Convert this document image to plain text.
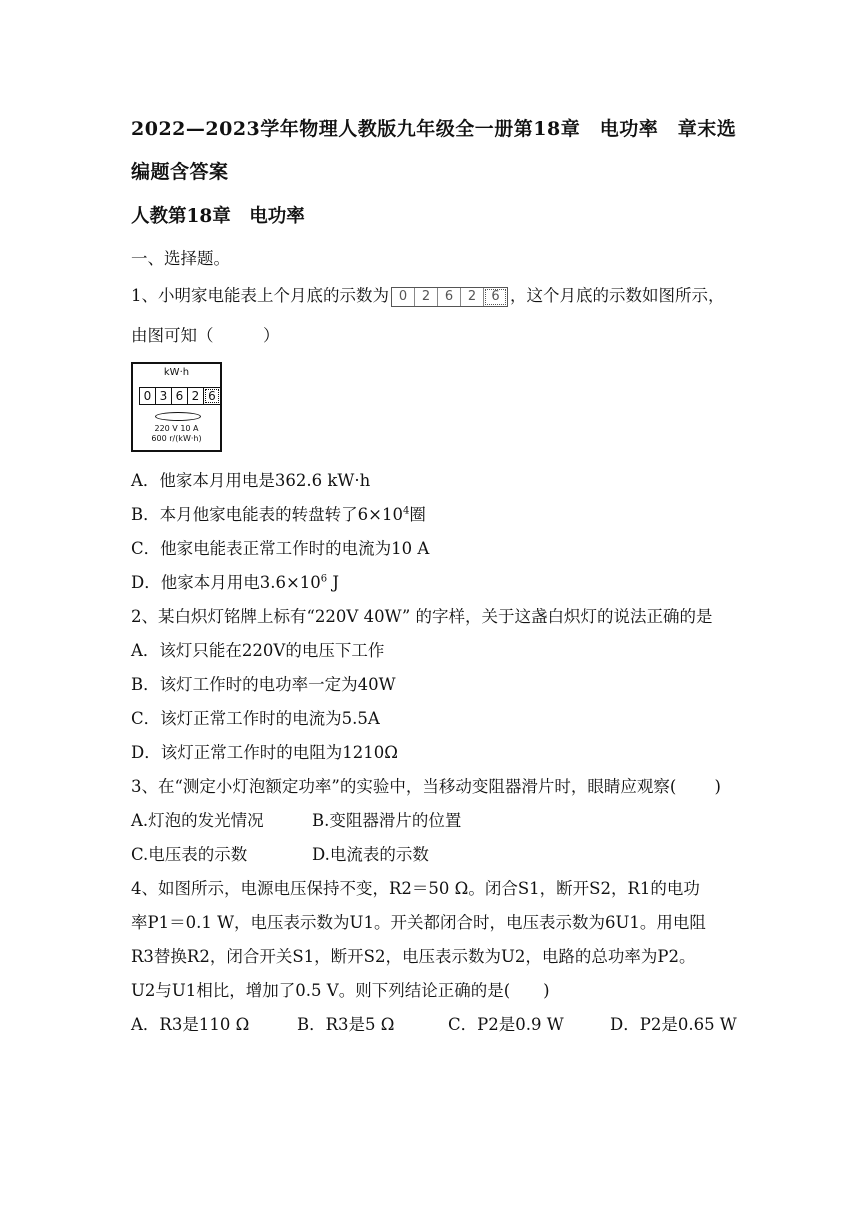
2022—2023学年物理人教版九年级全一册第18章　电功率　章末选
编题含答案
人教第18章　电功率
一、选择题。
1、小明家电能表上个月底的示数为 0	2	6	2	6 ，这个月底的示数如图所示，
由图可知（　　　）
kW·h
0 3 6 2 6
220 V 10 A
600 r/(kW·h)
A．他家本月用电是362.6 kW·h
B．本月他家电能表的转盘转了$6\times 10^4$圈
C．他家电能表正常工作时的电流为10 A
D．他家本月用电$3.6\times 10^6$ J
2、某白炽灯铭牌上标有“220V 40W” 的字样，关于这盏白炽灯的说法正确的是
A．该灯只能在220V的电压下工作
B．该灯工作时的电功率一定为40W
C．该灯正常工作时的电流为5.5A
D．该灯正常工作时的电阻为1210Ω
3、在“测定小灯泡额定功率”的实验中，当移动变阻器滑片时，眼睛应观察(　　 )
A.灯泡的发光情况	B.变阻器滑片的位置
C.电压表的示数	D.电流表的示数
4、如图所示，电源电压保持不变，R2＝50 Ω。闭合S1，断开S2，R1的电功
率P1＝0.1 W，电压表示数为U1。开关都闭合时，电压表示数为6U1。用电阻
R3替换R2，闭合开关S1，断开S2，电压表示数为U2，电路的总功率为P2。
U2与U1相比，增加了0.5 V。则下列结论正确的是(　　)
A．R3是110 Ω	B．R3是5 Ω	C．P2是0.9 W	D．P2是0.65 W
